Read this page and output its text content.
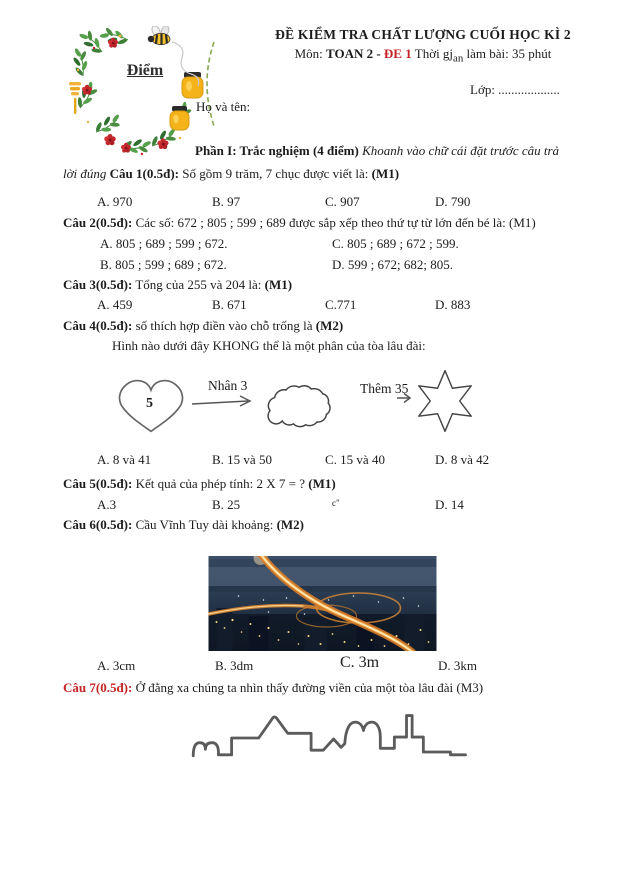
Điểm
ĐỀ KIỂM TRA CHẤT LƯỢNG CUỐI HỌC KÌ 2
Môn: TOAN 2 - ĐE 1 Thời $gj_{an}$ làm bài: 35 phút
Lớp: ...................
Họ và tên:
Phần I: Trắc nghiệm (4 điểm) Khoanh vào chữ cái đặt trước câu trả
lời đúng Câu 1(0.5đ): Số gồm 9 trăm, 7 chục được viết là: (M1)
A. 970	B. 97	C. 907	D. 790
Câu 2(0.5đ): Các số: 672 ; 805 ; 599 ; 689 được sắp xếp theo thứ tự từ lớn đến bé là: (M1)
A. 805 ; 689 ; 599 ; 672.	C. 805 ; 689 ; 672 ; 599.
B. 805 ; 599 ; 689 ; 672.	D. 599 ; 672; 682; 805.
Câu 3(0.5đ): Tổng của 255 và 204 là: (M1)
A. 459	B. 671	C.771	D. 883
Câu 4(0.5đ): số thích hợp điền vào chỗ trống là (M2)
Hình nào dưới đây KHONG thể là một phân của tòa lâu đài:
5
Nhân 3	Thêm 35
A. 8 và 41	B. 15 và 50	C. 15 và 40	D. 8 và 42
Câu 5(0.5đ): Kết quả của phép tính: 2 X 7 = ? (M1)
A.3	B. 25	c"	D. 14
Câu 6(0.5đ): Cầu Vĩnh Tuy dài khoảng: (M2)
A. 3cm	B. 3dm	C. 3m	D. 3km
Câu 7(0.5đ): Ở đằng xa chúng ta nhìn thấy đường viền của một tòa lâu đài (M3)
